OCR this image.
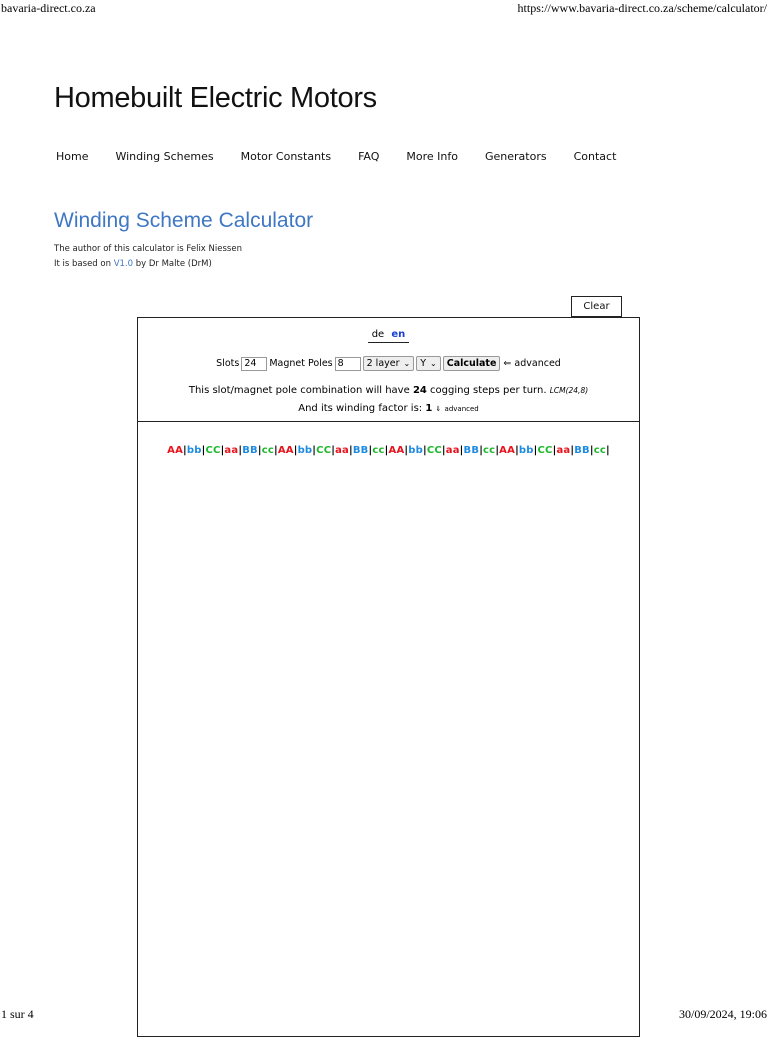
bavaria-direct.co.za	https://www.bavaria-direct.co.za/scheme/calculator/
Homebuilt Electric Motors
Home Winding Schemes Motor Constants FAQ More Info Generators Contact
Winding Scheme Calculator
The author of this calculator is Felix Niessen
It is based on V1.0 by Dr Malte (DrM)
Clear
de en
Slots
24	Magnet Poles
8	2 layer ⌄ Y ⌄	Calculate ⇐ advanced
This slot/magnet pole combination will have 24 cogging steps per turn. LCM(24,8)
And its winding factor is: 1 ⇓ advanced
AA|bb|CC|aa|BB|cc|AA|bb|CC|aa|BB|cc|AA|bb|CC|aa|BB|cc|AA|bb|CC|aa|BB|cc|
1 sur 4	30/09/2024, 19:06
